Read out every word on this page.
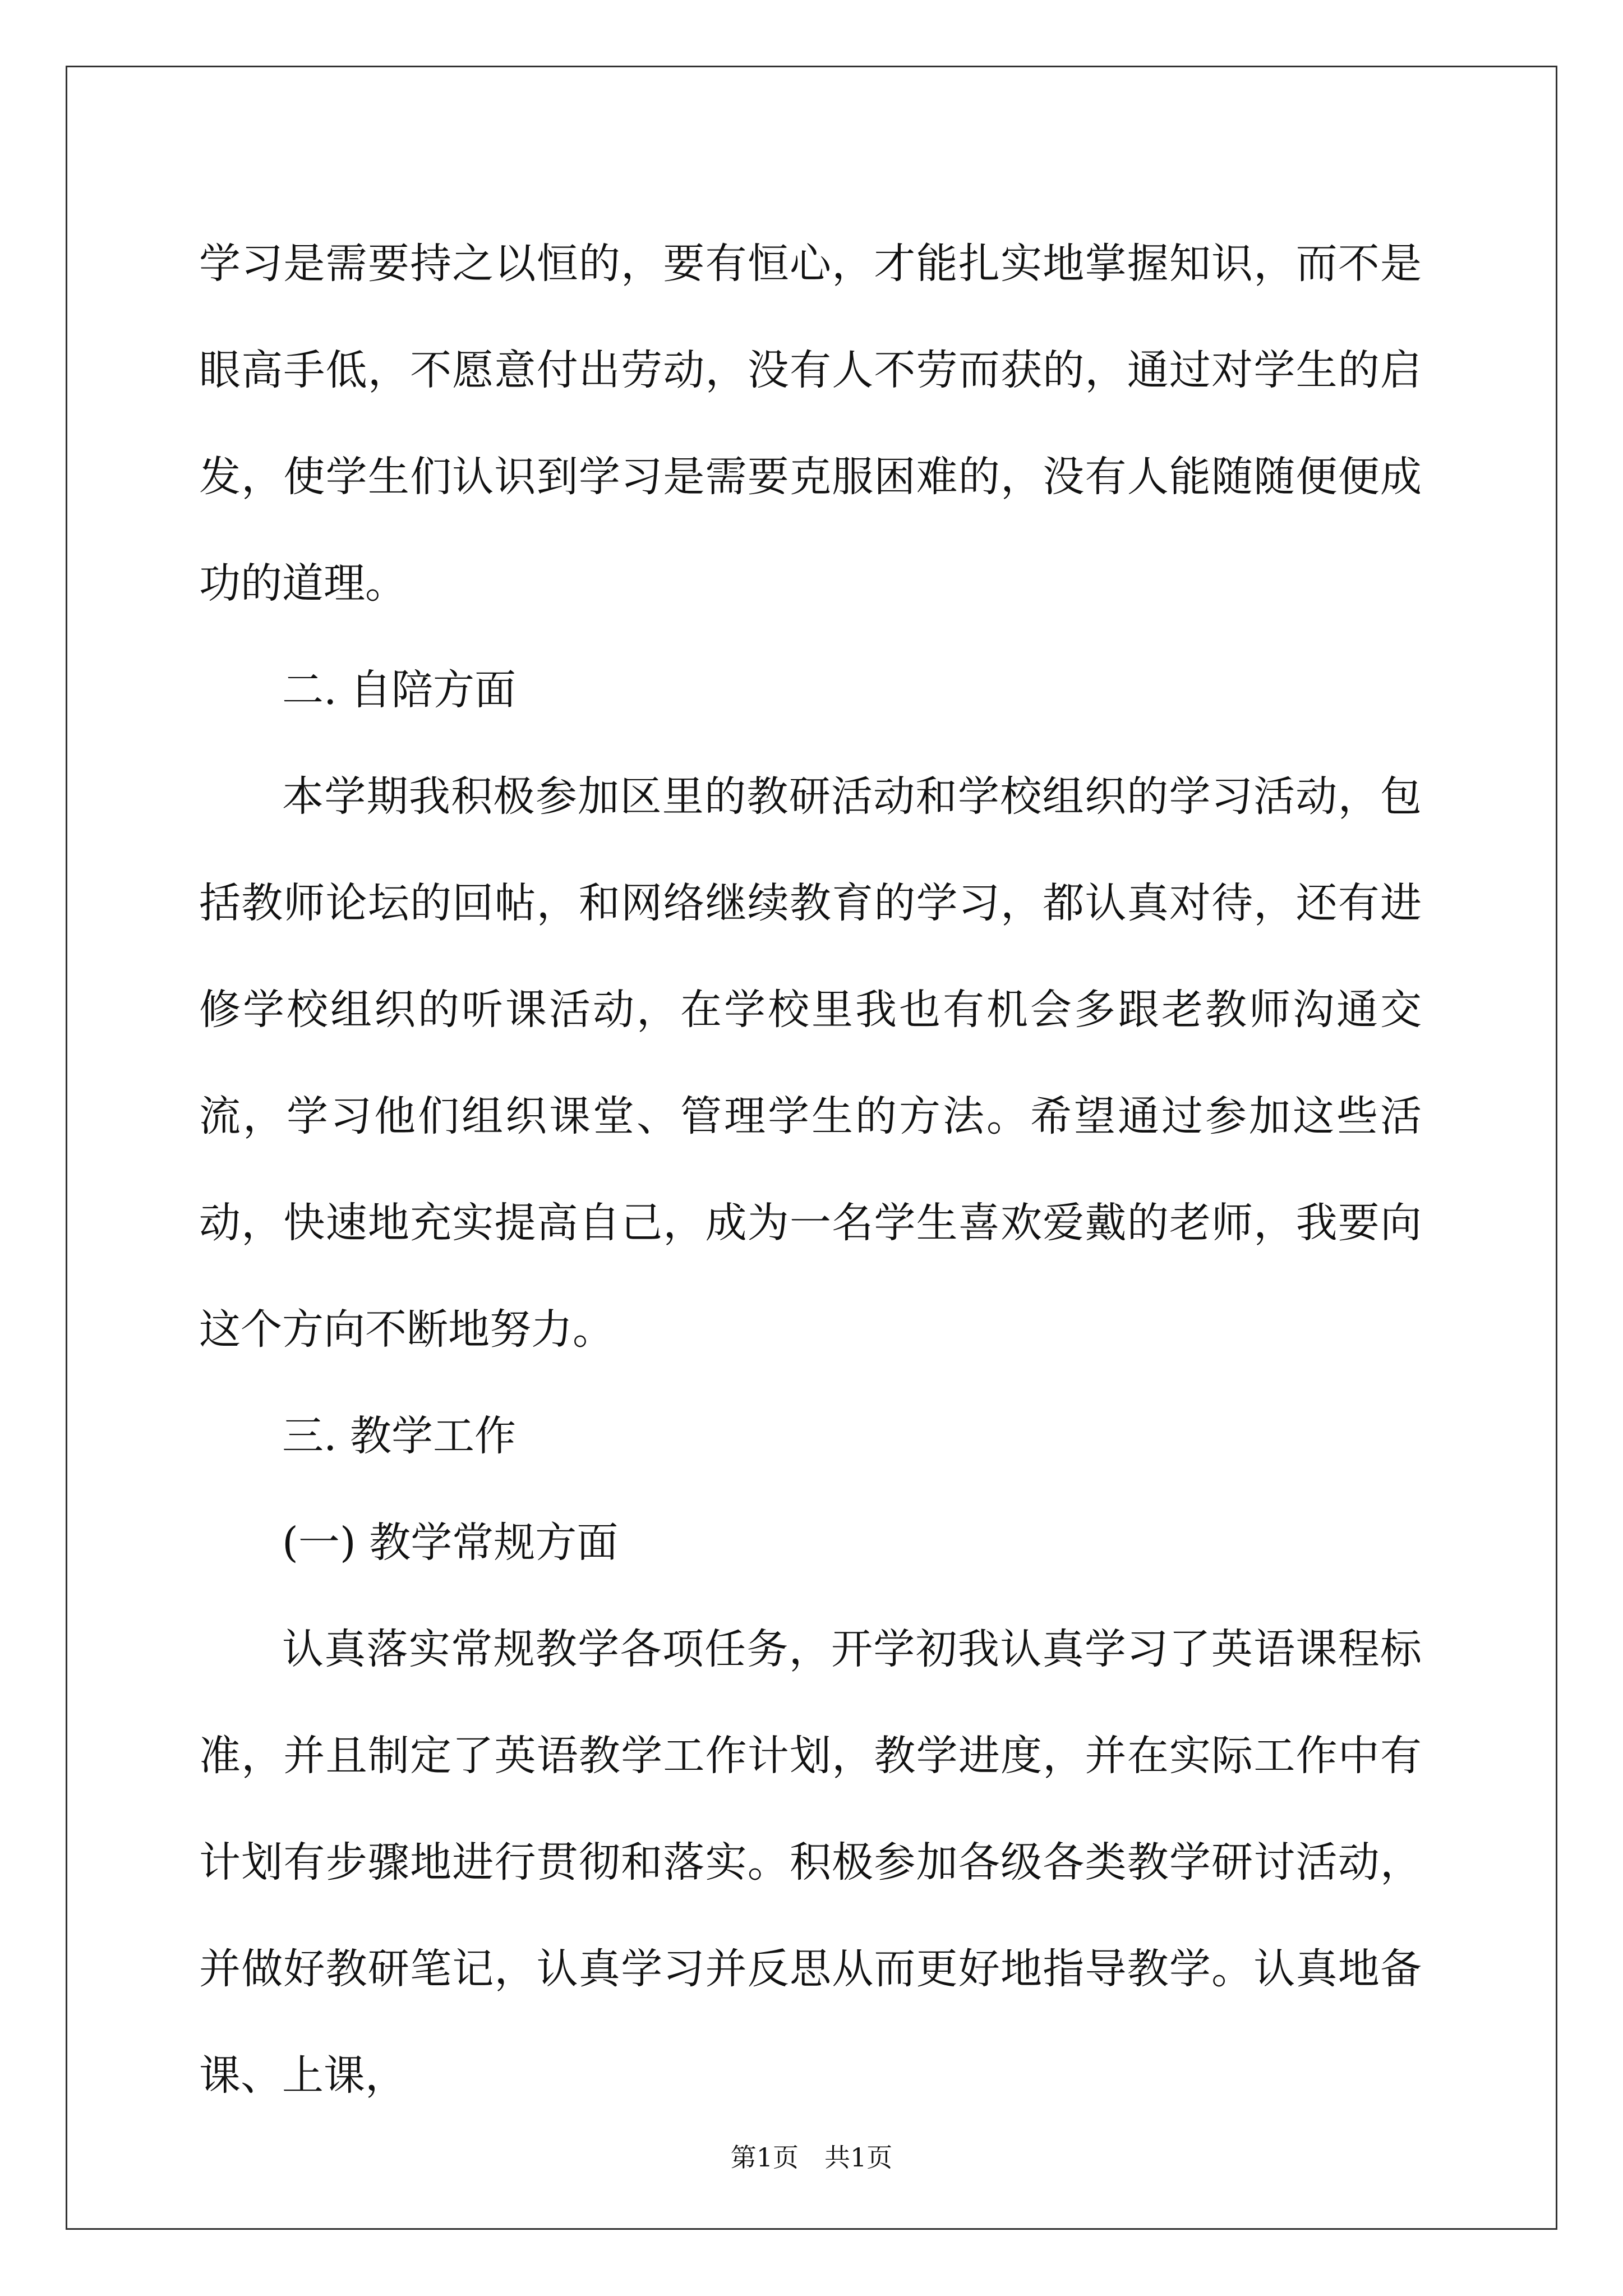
学习是需要持之以恒的，要有恒心，才能扎实地掌握知识，而不是眼高手低，不愿意付出劳动，没有人不劳而获的，通过对学生的启发，使学生们认识到学习是需要克服困难的，没有人能随随便便成功的道理。

二. 自陪方面

本学期我积极参加区里的教研活动和学校组织的学习活动，包括教师论坛的回帖，和网络继续教育的学习，都认真对待，还有进修学校组织的听课活动，在学校里我也有机会多跟老教师沟通交流，学习他们组织课堂、管理学生的方法。希望通过参加这些活动，快速地充实提高自己，成为一名学生喜欢爱戴的老师，我要向这个方向不断地努力。

三. 教学工作

(一) 教学常规方面

认真落实常规教学各项任务，开学初我认真学习了英语课程标准，并且制定了英语教学工作计划，教学进度，并在实际工作中有计划有步骤地进行贯彻和落实。积极参加各级各类教学研讨活动，并做好教研笔记，认真学习并反思从而更好地指导教学。认真地备课、上课，

第1页　共1页
